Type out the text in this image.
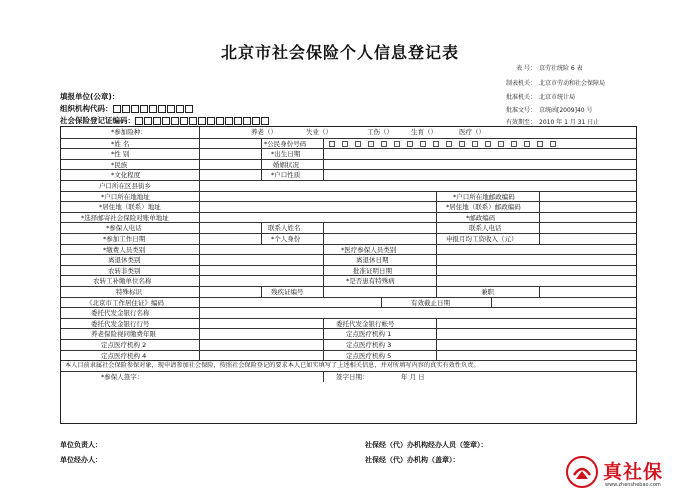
北京市社会保险个人信息登记表
表 号： 京劳社统险 6 表
制表机关： 北京市劳动和社会保障局
批准机关： 北京市统计局
批准文号： 京统函[2009]40 号
有效期至： 2010 年 1 月 31 日止
填报单位(公章)：
组织机构代码：
社会保险登记证编码：
*参加险种：	养老（）	失业（）	工伤（）	生育（）	医疗（）
*姓 名	*公民身份号码
*性 别	*出生日期
*民族	婚姻状况
*文化程度	*户口性质
户口所在区县街乡
*户口所在地地址	*户口所在地邮政编码
*居住地（联系）地址	*居住地（联系）邮政编码
*选择邮寄社会保险对账单地址	*邮政编码
*参保人电话	联系人姓名	联系人电话
*参加工作日期	*个人身份	申报月均工资收入（元）
*缴费人员类别	*医疗参保人员类别
离退休类别	离退休日期
农转非类别	批准证明日期
农转工补缴单位名称	*是否患有特殊病
特殊标识	残疾证编号	兼职
《北京市工作居住证》编码	有效截止日期
委托代发金银行名称
委托代发金银行行号	委托代发金银行帐号
养老保险视同缴费年限	定点医疗机构 1
定点医疗机构 2	定点医疗机构 3
定点医疗机构 4	定点医疗机构 5
本人目前隶属社会保险参保对象，现申请参加社会保险，按照社会保险登记的要求本人已如实填写了上述相关信息，并对所填写内容的真实有效性负责。
*参保人签字：	签字日期：	年 月 日
单位负责人：	社保经（代）办机构经办人员（签章）：
单位经办人：	社保经（代）办机构（盖章）：
真社保
www.zhenshebao.com
